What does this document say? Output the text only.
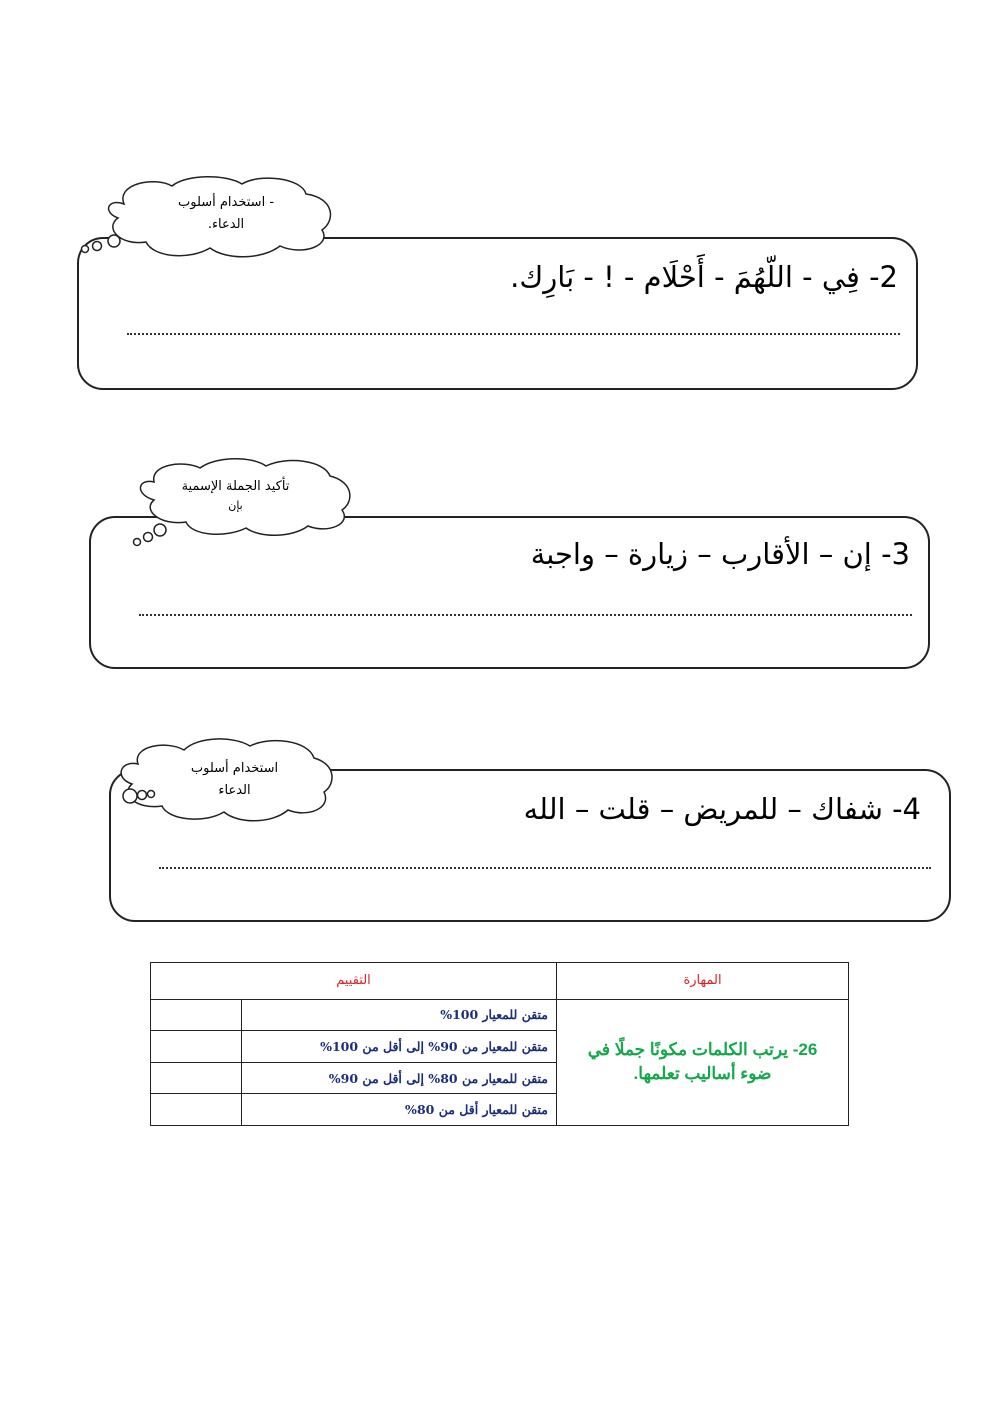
2- فِي - اللّهُمَ - أَحْلَام - ! - بَارِك.
- استخدام أسلوب
الدعاء.
3- إن – الأقارب – زيارة – واجبة
تأكيد الجملة الإسمية
بإن
4- شفاك – للمريض – قلت – الله
استخدام أسلوب
الدعاء
المهارة	التقييم	
26- يرتب الكلمات مكونًا جملًا في ضوء أساليب تعلمها.	متقن للمعيار 100%	
	متقن للمعيار من 90% إلى أقل من 100%	
	متقن للمعيار من 80% إلى أقل من 90%	
	متقن للمعيار أقل من 80%	
